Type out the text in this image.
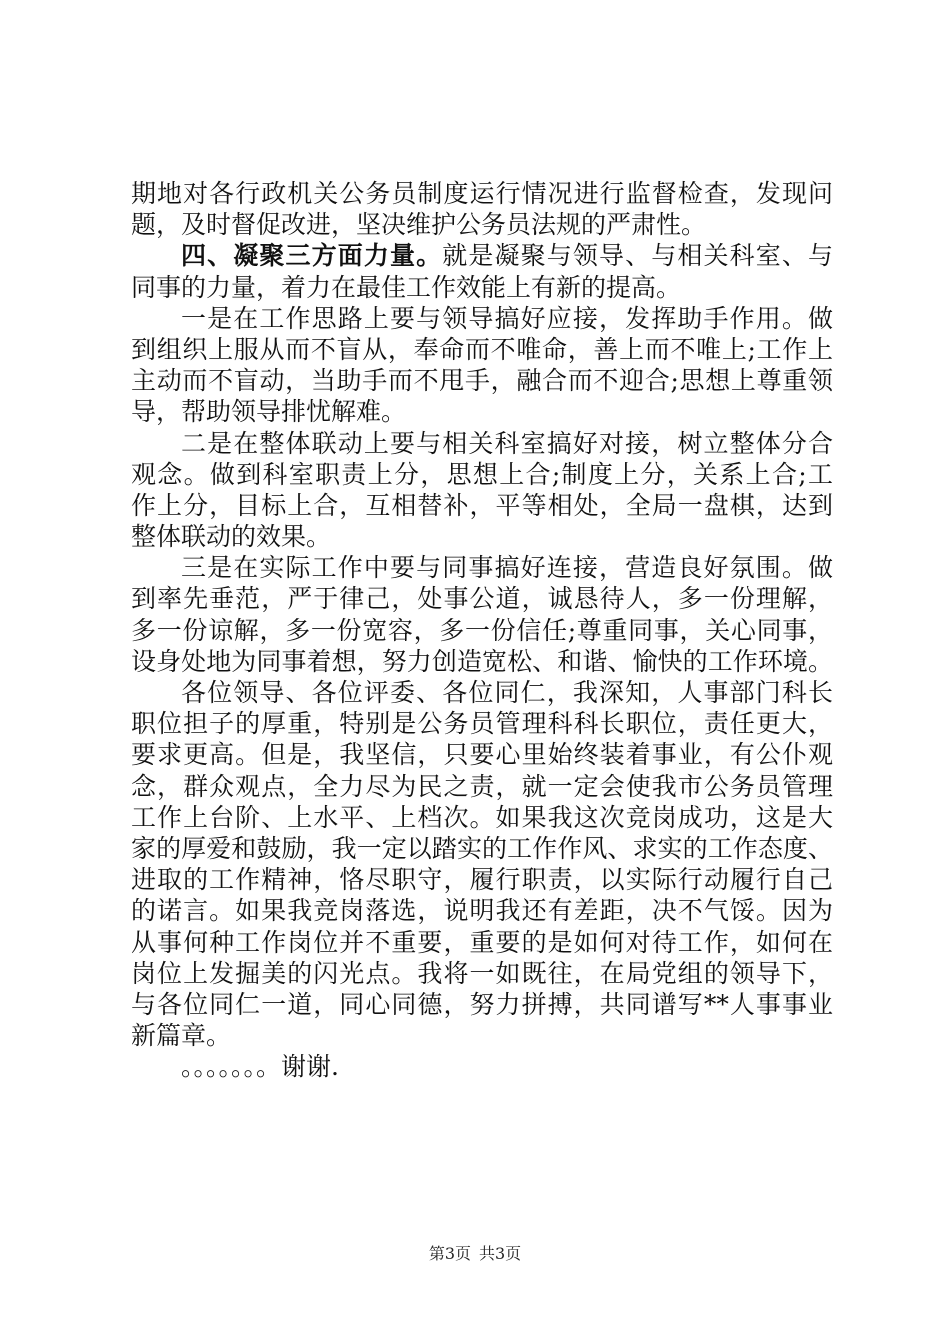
期地对各行政机关公务员制度运行情况进行监督检查，发现问
题，及时督促改进，坚决维护公务员法规的严肃性。
四、凝聚三方面力量。就是凝聚与领导、与相关科室、与
同事的力量，着力在最佳工作效能上有新的提高。
一是在工作思路上要与领导搞好应接，发挥助手作用。做
到组织上服从而不盲从，奉命而不唯命，善上而不唯上;工作上
主动而不盲动，当助手而不甩手，融合而不迎合;思想上尊重领
导，帮助领导排忧解难。
二是在整体联动上要与相关科室搞好对接，树立整体分合
观念。做到科室职责上分，思想上合;制度上分，关系上合;工
作上分，目标上合，互相替补，平等相处，全局一盘棋，达到
整体联动的效果。
三是在实际工作中要与同事搞好连接，营造良好氛围。做
到率先垂范，严于律己，处事公道，诚恳待人，多一份理解，
多一份谅解，多一份宽容，多一份信任;尊重同事，关心同事，
设身处地为同事着想，努力创造宽松、和谐、愉快的工作环境。
各位领导、各位评委、各位同仁，我深知，人事部门科长
职位担子的厚重，特别是公务员管理科科长职位，责任更大，
要求更高。但是，我坚信，只要心里始终装着事业，有公仆观
念，群众观点，全力尽为民之责，就一定会使我市公务员管理
工作上台阶、上水平、上档次。如果我这次竞岗成功，这是大
家的厚爱和鼓励，我一定以踏实的工作作风、求实的工作态度、
进取的工作精神，恪尽职守，履行职责，以实际行动履行自己
的诺言。如果我竞岗落选，说明我还有差距，决不气馁。因为
从事何种工作岗位并不重要，重要的是如何对待工作，如何在
岗位上发掘美的闪光点。我将一如既往，在局党组的领导下，
与各位同仁一道，同心同德，努力拼搏，共同谱写**人事事业
新篇章。
。。。。。。。谢谢.
第3页 共3页
